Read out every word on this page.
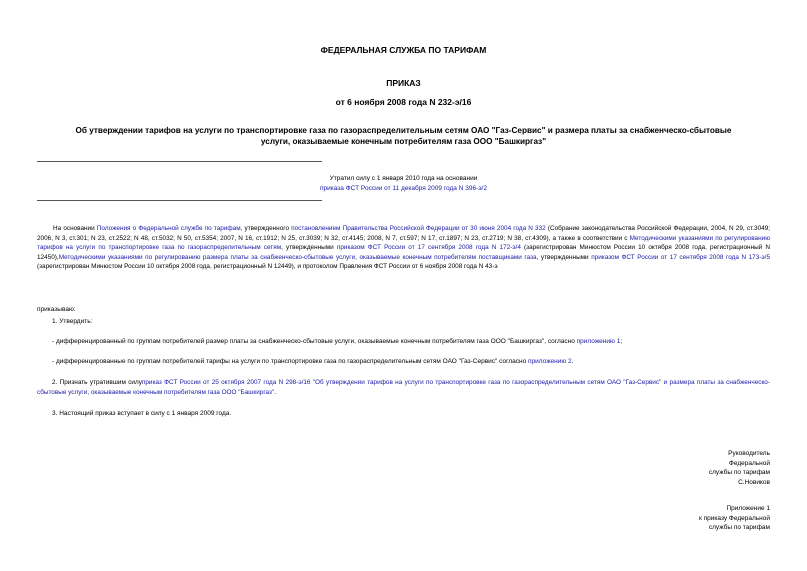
ФЕДЕРАЛЬНАЯ СЛУЖБА ПО ТАРИФАМ
ПРИКАЗ
от 6 ноября 2008 года N 232-э/16
Об утверждении тарифов на услуги по транспортировке газа по газораспределительным сетям ОАО "Газ-Сервис" и размера платы за снабженческо-сбытовые
услуги, оказываемые конечным потребителям газа ООО "Башкиргаз"
Утратил силу с 1 января 2010 года на основании
приказа ФСТ России от 11 декабря 2009 года N 396-э/2
На основании Положения о Федеральной службе по тарифам, утвержденного постановлением Правительства Российской Федерации от 30 июня 2004 года N 332 (Собрание законодательства Российской Федерации, 2004, N 29, ст.3049; 2006, N 3, ст.301; N 23, ст.2522; N 48, ст.5032; N 50, ст.5354; 2007, N 16, ст.1912; N 25, ст.3039; N 32, ст.4145; 2008, N 7, ст.597; N 17, ст.1897; N 23, ст.2719; N 38, ст.4309), а также в соответствии с Методическими указаниями по регулированию тарифов на услуги по транспортировке газа по газораспределительным сетям, утвержденными приказом ФСТ России от 17 сентября 2008 года N 172-э/4 (зарегистрирован Минюстом России 10 октября 2008 года, регистрационный N 12450),Методическими указаниями по регулированию размера платы за снабженческо-сбытовые услуги, оказываемые конечным потребителям поставщиками газа, утвержденными приказом ФСТ России от 17 сентября 2008 года N 173-э/5 (зарегистрирован Минюстом России 10 октября 2008 года, регистрационный N 12449), и протоколом Правления ФСТ России от 6 ноября 2008 года N 43-э
приказываю:
1. Утвердить:
- дифференцированный по группам потребителей размер платы за снабженческо-сбытовые услуги, оказываемые конечным потребителям газа ООО "Башкиргаз", согласно приложению 1;
- дифференцированные по группам потребителей тарифы на услуги по транспортировке газа по газораспределительным сетям ОАО "Газ-Сервис" согласно приложению 2.
2. Признать утратившим силуприказ ФСТ России от 25 октября 2007 года N 298-э/16 "Об утверждении тарифов на услуги по транспортировке газа по газораспределительным сетям ОАО "Газ-Сервис" и размера платы за снабженческо-сбытовые услуги, оказываемые конечным потребителям газа ООО "Башкиргаз".
3. Настоящий приказ вступает в силу с 1 января 2009 года.
Руководитель
Федеральной
службы по тарифам
С.Новиков
Приложение 1
к приказу Федеральной
службы по тарифам
